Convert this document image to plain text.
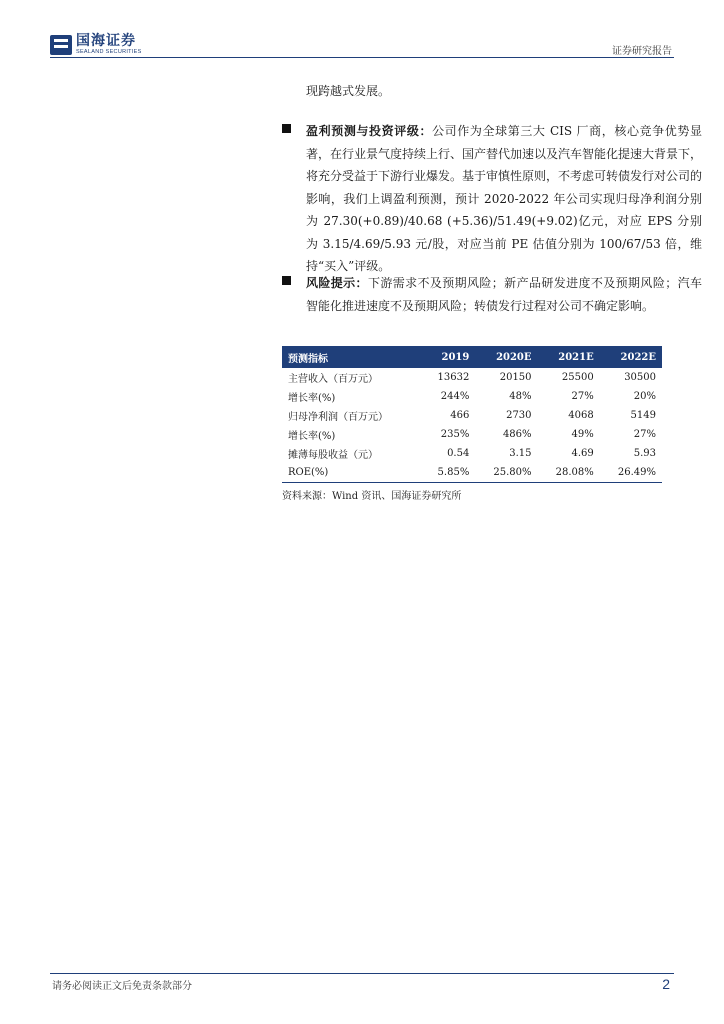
国海证券
SEALAND SECURITIES	证券研究报告
现跨越式发展。
盈利预测与投资评级：公司作为全球第三大 CIS 厂商，核心竞争优势显著，在行业景气度持续上行、国产替代加速以及汽车智能化提速大背景下，将充分受益于下游行业爆发。基于审慎性原则，不考虑可转债发行对公司的影响，我们上调盈利预测，预计 2020-2022 年公司实现归母净利润分别为 27.30(+0.89)/40.68 (+5.36)/51.49(+9.02)亿元，对应 EPS 分别为 3.15/4.69/5.93 元/股，对应当前 PE 估值分别为 100/67/53 倍，维持“买入”评级。
风险提示：下游需求不及预期风险；新产品研发进度不及预期风险；汽车智能化推进速度不及预期风险；转债发行过程对公司不确定影响。
预测指标	2019	2020E	2021E	2022E
主营收入（百万元）	13632	20150	25500	30500
增长率(%)	244%	48%	27%	20%
归母净利润（百万元）	466	2730	4068	5149
增长率(%)	235%	486%	49%	27%
摊薄每股收益（元）	0.54	3.15	4.69	5.93
ROE(%)	5.85%	25.80%	28.08%	26.49%
资料来源：Wind 资讯、国海证券研究所
请务必阅读正文后免责条款部分	2
